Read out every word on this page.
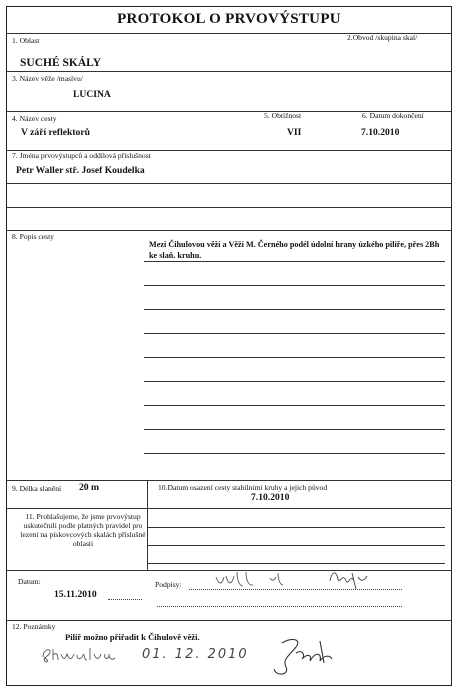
PROTOKOL O PRVOVÝSTUPU
1. Oblast	2.Obvod /skupina skal/
SUCHÉ SKÁLY
3. Název věže /masívu/
LUCINA
4. Název cesty	5. Obtížnost	6. Datum dokončení
V září reflektorů	VII	7.10.2010
7. Jména prvovýstupců a oddílová příslušnost
Petr Waller stř. Josef Koudelka
8. Popis cesty
Mezi Čihulovou věží a Věží M. Černého podél údolní hrany úzkého pilíře, přes 2Bh ke slaň. kruhu.
9. Délka slanění 20 m	10.Datum osazení cesty stabilními kruhy a jejich původ
7.10.2010
11. Prohlašujeme, že jsme prvovýstup uskutečnili podle platných pravidel pro lezení na pískovcových skalách příslušné oblasti
Datum:
15.11.2010
Podpisy:
12. Poznámky
Pilíř možno přiřadit k Čihulově věži.
01. 12. 2010
